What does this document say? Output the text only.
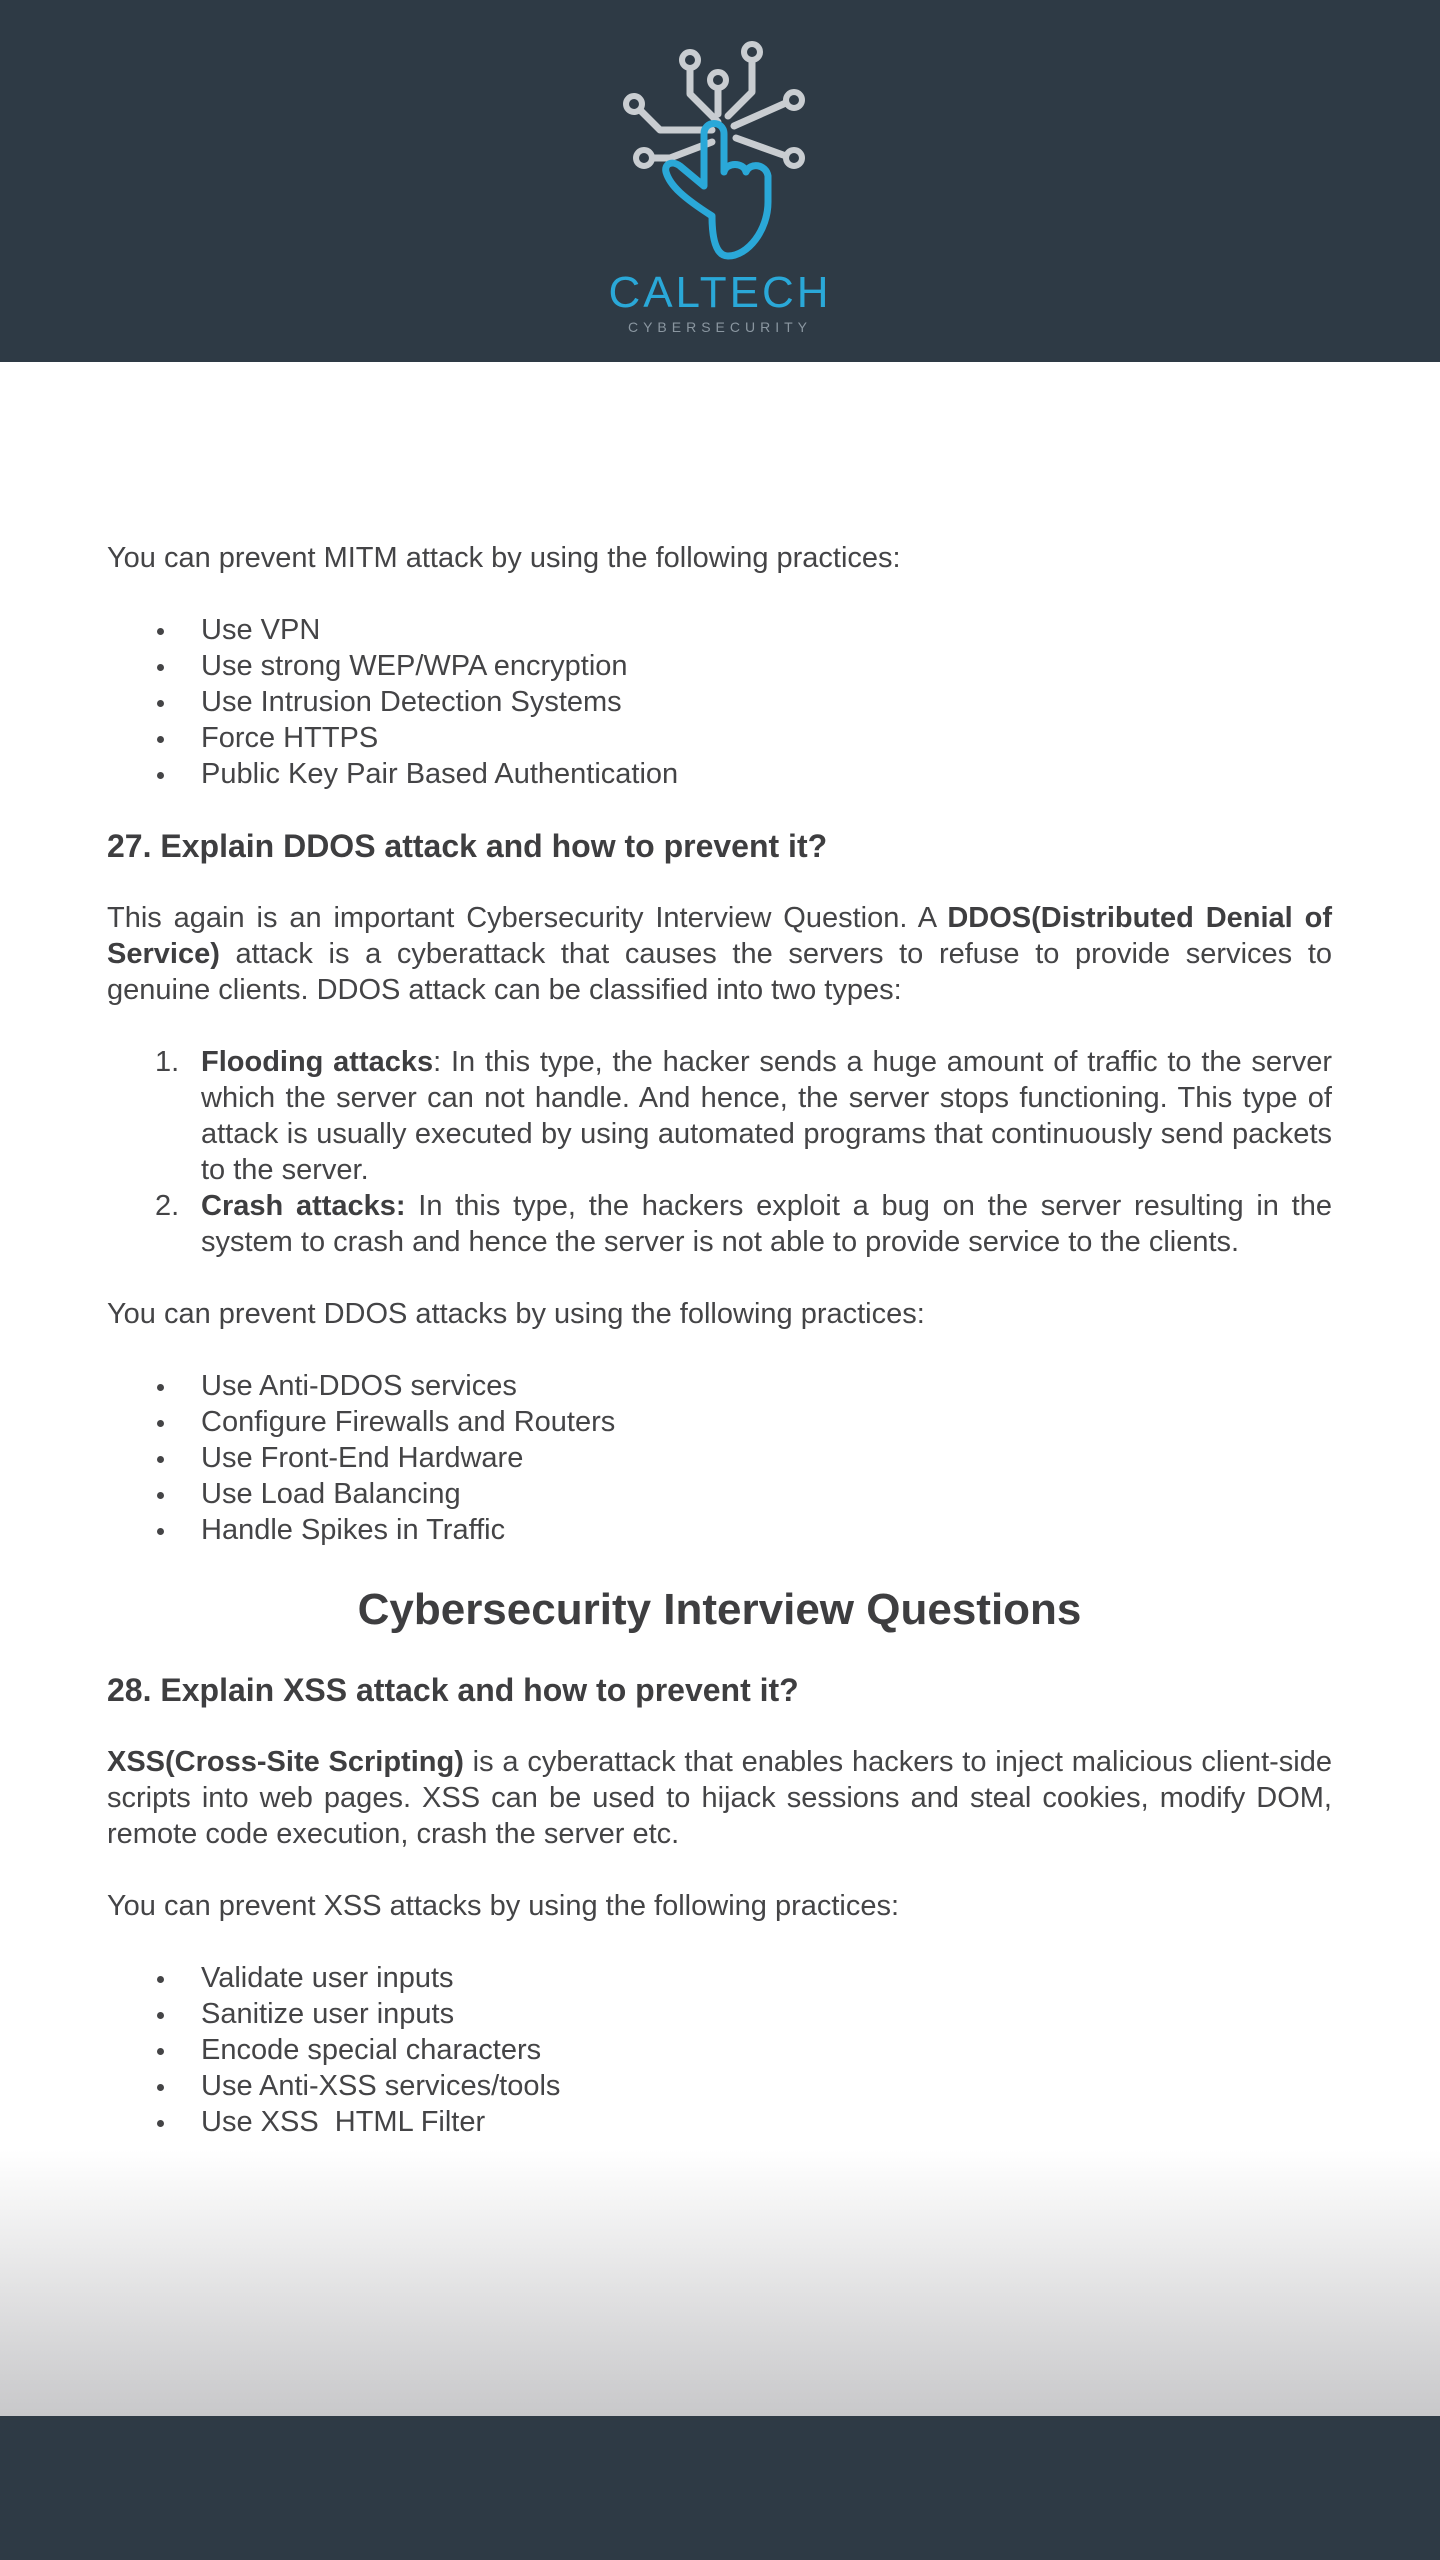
CALTECH
CYBERSECURITY

You can prevent MITM attack by using the following practices:

Use VPN
Use strong WEP/WPA encryption
Use Intrusion Detection Systems
Force HTTPS
Public Key Pair Based Authentication
27. Explain DDOS attack and how to prevent it?

This again is an important Cybersecurity Interview Question. A DDOS(Distributed Denial of Service) attack is a cyberattack that causes the servers to refuse to provide services to genuine clients. DDOS attack can be classified into two types:

1. Flooding attacks: In this type, the hacker sends a huge amount of traffic to the server which the server can not handle. And hence, the server stops functioning. This type of attack is usually executed by using automated programs that continuously send packets to the server.
2. Crash attacks: In this type, the hackers exploit a bug on the server resulting in the system to crash and hence the server is not able to provide service to the clients.

You can prevent DDOS attacks by using the following practices:

Use Anti-DDOS services
Configure Firewalls and Routers
Use Front-End Hardware
Use Load Balancing
Handle Spikes in Traffic
Cybersecurity Interview Questions
28. Explain XSS attack and how to prevent it?

XSS(Cross-Site Scripting) is a cyberattack that enables hackers to inject malicious client-side scripts into web pages. XSS can be used to hijack sessions and steal cookies, modify DOM, remote code execution, crash the server etc.

You can prevent XSS attacks by using the following practices:

Validate user inputs
Sanitize user inputs
Encode special characters
Use Anti-XSS services/tools
Use XSS  HTML Filter
